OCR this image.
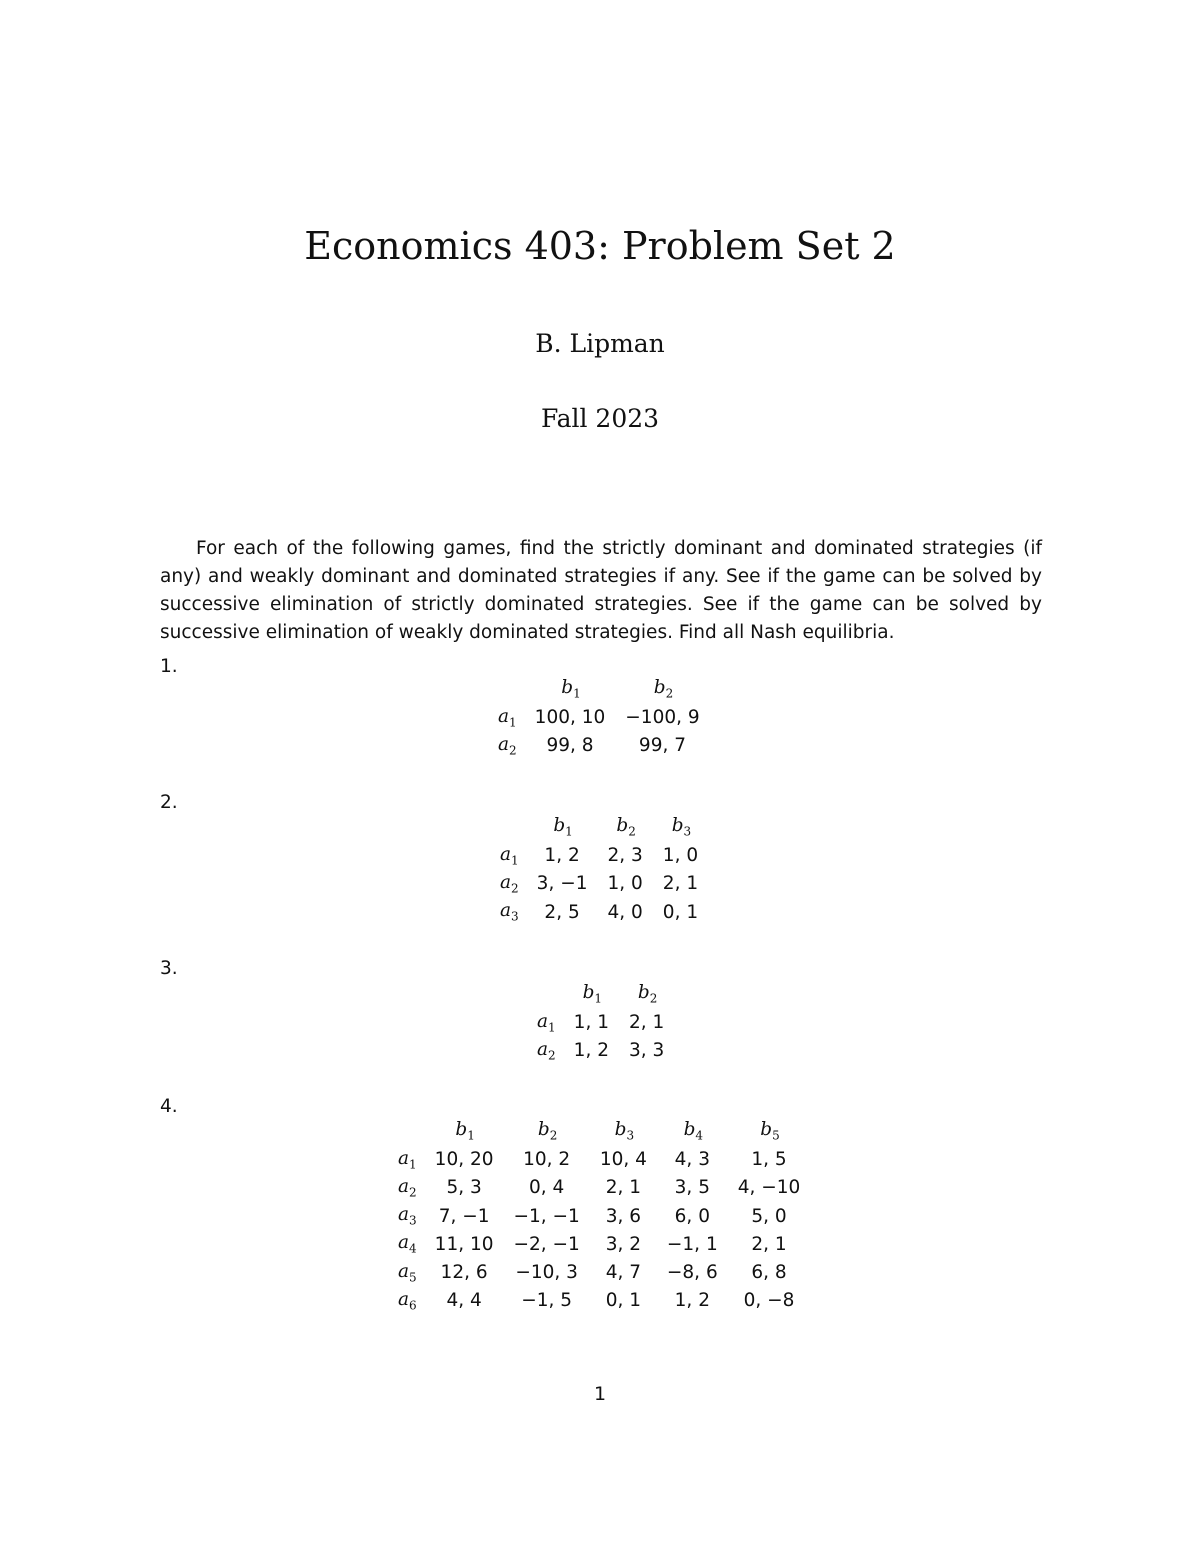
Economics 403: Problem Set 2
B. Lipman
Fall 2023

For each of the following games, find the strictly dominant and dominated strategies (if any) and weakly dominant and dominated strategies if any. See if the game can be solved by successive elimination of strictly dominated strategies. See if the game can be solved by successive elimination of weakly dominated strategies. Find all Nash equilibria.

1.
	$b_1$	$b_2$
$a_1$	100, 10	−100, 9
$a_2$	99, 8	99, 7
2.
	$b_1$	$b_2$	$b_3$
$a_1$	1, 2	2, 3	1, 0
$a_2$	3, −1	1, 0	2, 1
$a_3$	2, 5	4, 0	0, 1
3.
	$b_1$	$b_2$
$a_1$	1, 1	2, 1
$a_2$	1, 2	3, 3
4.
	$b_1$	$b_2$	$b_3$	$b_4$	$b_5$
$a_1$	10, 20	10, 2	10, 4	4, 3	1, 5
$a_2$	5, 3	0, 4	2, 1	3, 5	4, −10
$a_3$	7, −1	−1, −1	3, 6	6, 0	5, 0
$a_4$	11, 10	−2, −1	3, 2	−1, 1	2, 1
$a_5$	12, 6	−10, 3	4, 7	−8, 6	6, 8
$a_6$	4, 4	−1, 5	0, 1	1, 2	0, −8
1
